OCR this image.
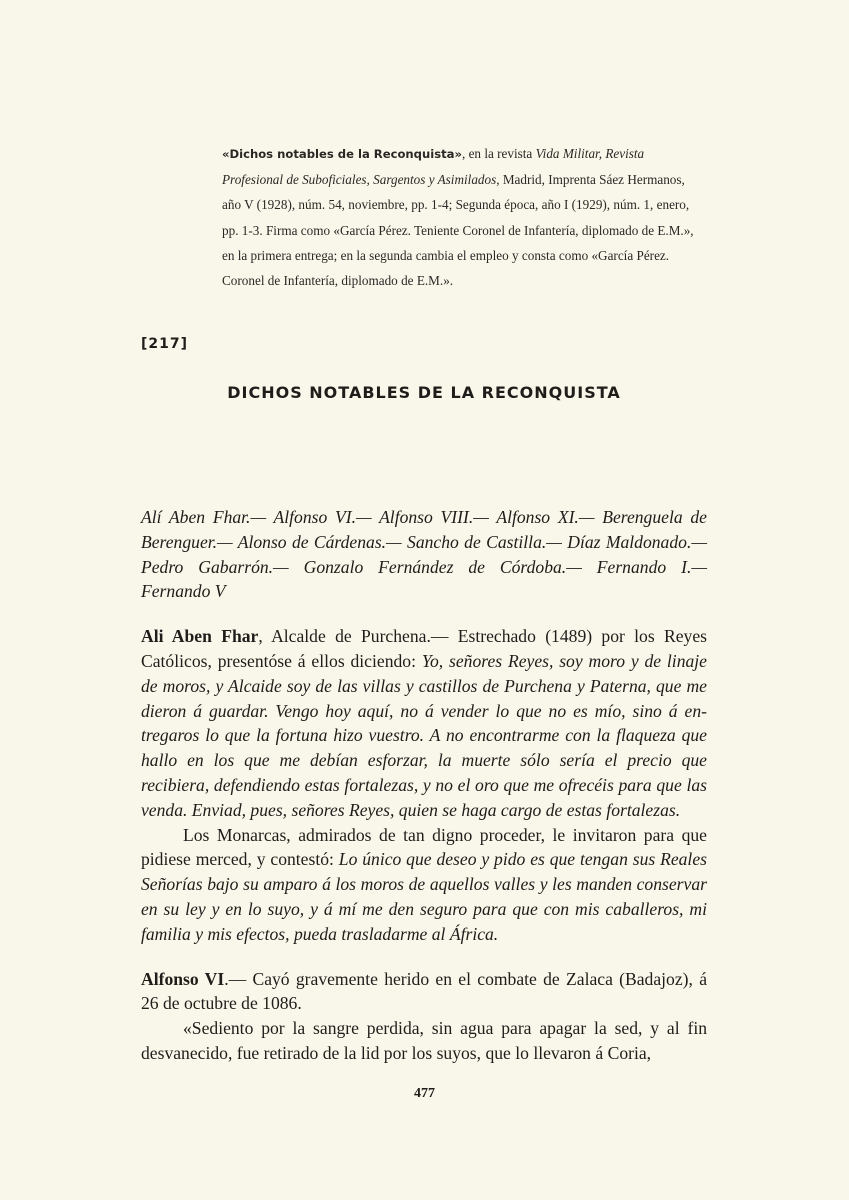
«Dichos notables de la Reconquista», en la revista Vida Militar, Revista Profesional de Suboficiales, Sargentos y Asimilados, Madrid, Imprenta Sáez Hermanos, año V (1928), núm. 54, noviembre, pp. 1-4; Segunda época, año I (1929), núm. 1, enero, pp. 1-3. Firma como «García Pérez. Teniente Coronel de Infantería, diplomado de E.M.», en la primera entrega; en la segunda cambia el empleo y consta como «García Pérez. Coronel de Infantería, diplomado de E.M.».
[217]
DICHOS NOTABLES DE LA RECONQUISTA

Alí Aben Fhar.— Alfonso VI.— Alfonso VIII.— Alfonso XI.— Berenguela de Berenguer.— Alonso de Cárdenas.— Sancho de Castilla.— Díaz Maldonado.— Pedro Gabarrón.— Gonzalo Fernández de Córdoba.— Fernando I.— Fernando V

Ali Aben Fhar, Alcalde de Purchena.— Estrechado (1489) por los Reyes Católicos, presentóse á ellos diciendo: Yo, señores Reyes, soy moro y de linaje de moros, y Alcaide soy de las villas y castillos de Purchena y Paterna, que me dieron á guardar. Vengo hoy aquí, no á vender lo que no es mío, sino á entregaros lo que la fortuna hizo vuestro. A no encontrarme con la flaqueza que hallo en los que me debían esforzar, la muerte sólo sería el precio que recibiera, defendiendo estas fortalezas, y no el oro que me ofrecéis para que las venda. Enviad, pues, señores Reyes, quien se haga cargo de estas fortalezas.

Los Monarcas, admirados de tan digno proceder, le invitaron para que pidiese merced, y contestó: Lo único que deseo y pido es que tengan sus Reales Señorías bajo su amparo á los moros de aquellos valles y les manden conservar en su ley y en lo suyo, y á mí me den seguro para que con mis caballeros, mi familia y mis efectos, pueda trasladarme al África.

Alfonso VI.— Cayó gravemente herido en el combate de Zalaca (Badajoz), á 26 de octubre de 1086.

«Sediento por la sangre perdida, sin agua para apagar la sed, y al fin desvanecido, fue retirado de la lid por los suyos, que lo llevaron á Coria,

477
